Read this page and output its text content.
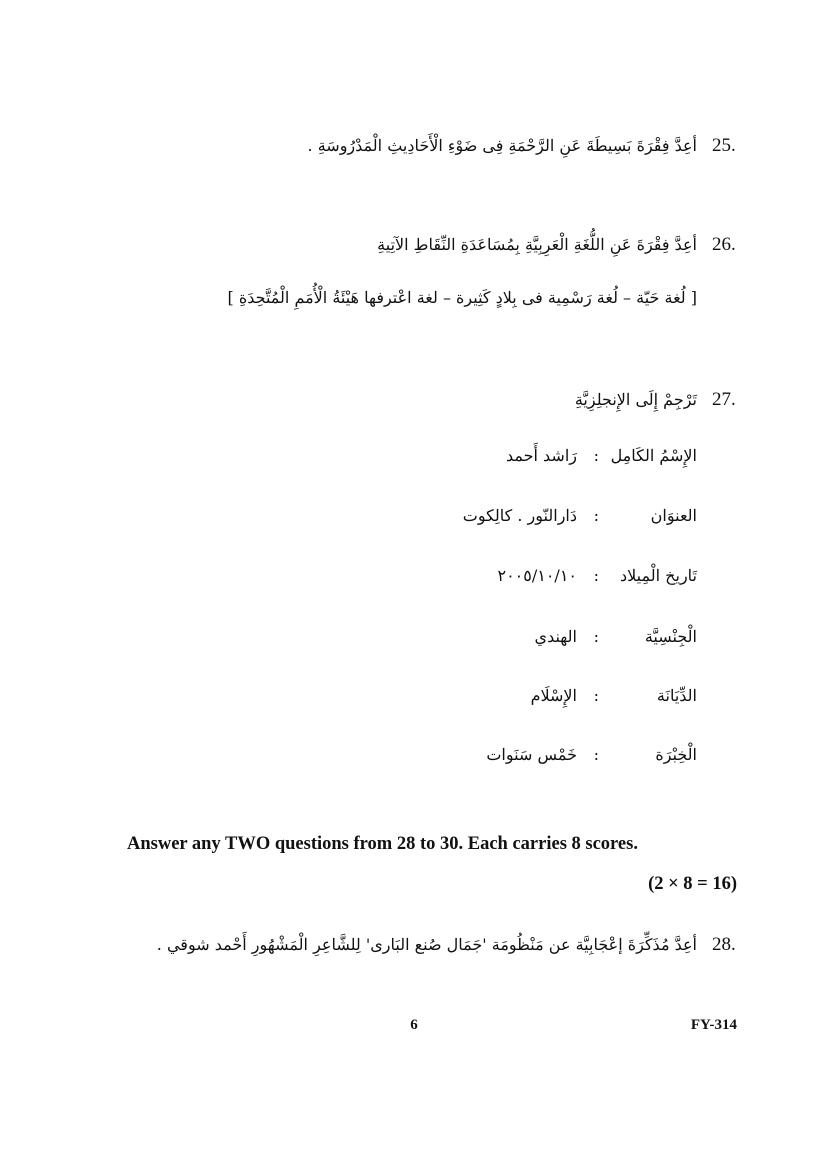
25.
أعِدَّ فِقْرَةَ بَسِيطَةَ عَنِ الرَّحْمَةِ فِى ضَوْءِ الْأَحَادِيثِ الْمَدْرُوسَةِ .
26.
أعِدَّ فِقْرَةَ عَنِ اللُّغَةِ الْعَرِبِيَّةِ بِمُسَاعَدَةِ النِّقَاطِ الآتِيةِ
[ لُغة حَيّة – لُغة رَسْمِية فى بِلادٍ كَثِيرة – لغة اعْترفها هَيْئَةُ الْأُمَمِ الْمُتَّحِدَةِ ]
27.
تَرْجِمْ إِلَى الإِنجلِزِيَّةِ
الإِسْمُ الكَامِل
:
رَاشد أَحمد
العنوَان
:
دَارالنّور . كالِكوت
تَاريخ الْمِيلاد
:
٢٠٠٥/١٠/١٠
الْجِنْسِيَّة
:
الهندي
الدِّيَانَة
:
الإِسْلَام
الْخِبْرَة
:
خَمْس سَنَوات
Answer any TWO questions from 28 to 30. Each carries 8 scores.
(2 × 8 = 16)
28.
أعِدَّ مُذَكِّرَةَ إعْجَابِيَّة عن مَنْظُومَة 'جَمَال صُنع البَارى' لِلشَّاعِرِ الْمَشْهُورِ أَحْمد شوقي .
6	FY-314
